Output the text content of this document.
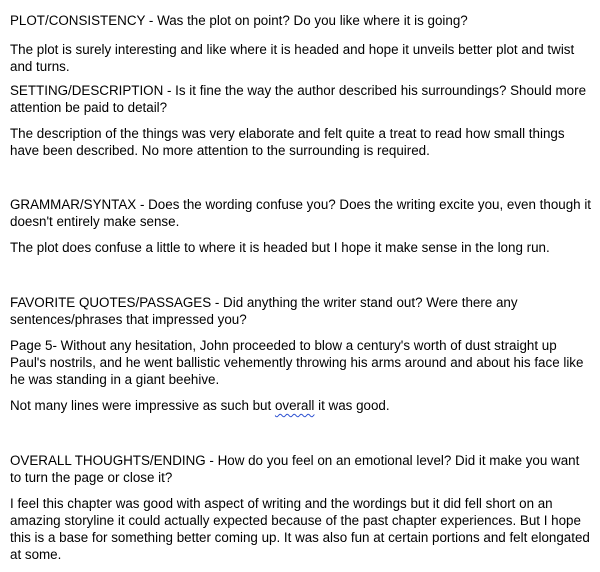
PLOT/CONSISTENCY - Was the plot on point? Do you like where it is going?

The plot is surely interesting and like where it is headed and hope it unveils better plot and twist and turns.

SETTING/DESCRIPTION - Is it fine the way the author described his surroundings? Should more attention be paid to detail?

The description of the things was very elaborate and felt quite a treat to read how small things have been described. No more attention to the surrounding is required.

GRAMMAR/SYNTAX - Does the wording confuse you? Does the writing excite you, even though it doesn't entirely make sense.

The plot does confuse a little to where it is headed but I hope it make sense in the long run.

FAVORITE QUOTES/PASSAGES - Did anything the writer stand out? Were there any sentences/phrases that impressed you?

Page 5- Without any hesitation, John proceeded to blow a century's worth of dust straight up Paul's nostrils, and he went ballistic vehemently throwing his arms around and about his face like he was standing in a giant beehive.

Not many lines were impressive as such but overall it was good.

OVERALL THOUGHTS/ENDING - How do you feel on an emotional level? Did it make you want to turn the page or close it?

I feel this chapter was good with aspect of writing and the wordings but it did fell short on an amazing storyline it could actually expected because of the past chapter experiences. But I hope this is a base for something better coming up. It was also fun at certain portions and felt elongated at some.
